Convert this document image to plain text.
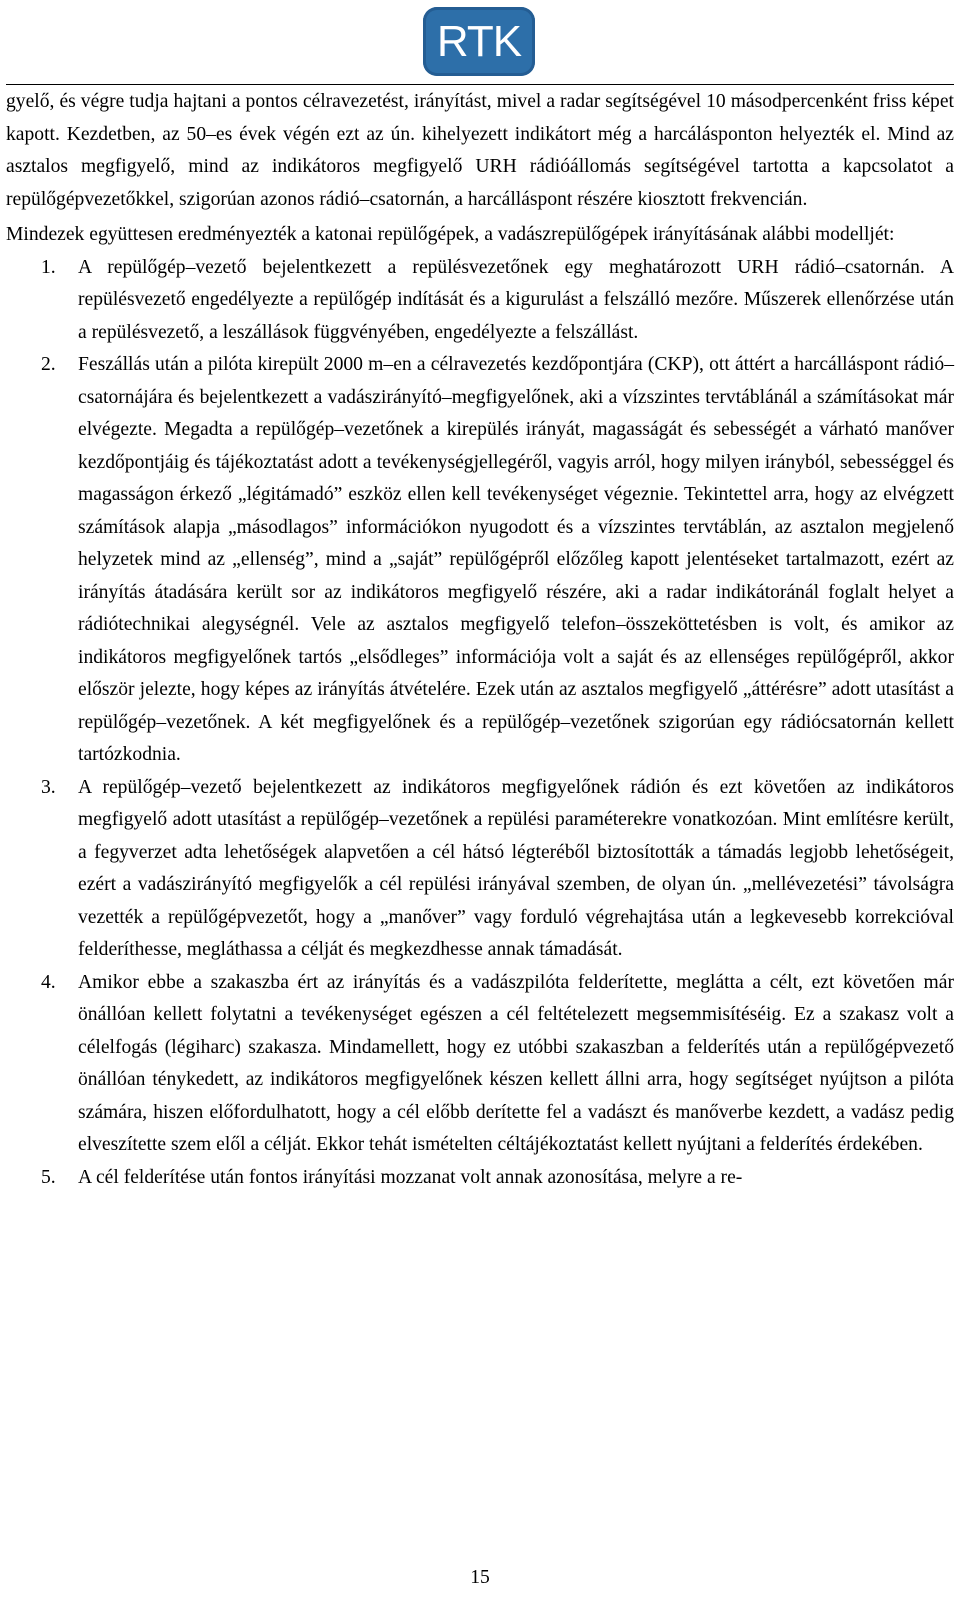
RTK

gyelő, és végre tudja hajtani a pontos célravezetést, irányítást, mivel a radar segítségével 10 másodpercenként friss képet kapott. Kezdetben, az 50–es évek végén ezt az ún. kihelyezett indikátort még a harcálásponton helyezték el. Mind az asztalos megfigyelő, mind az indikátoros megfigyelő URH rádióállomás segítségével tartotta a kapcsolatot a repülőgépvezetőkkel, szigorúan azonos rádió–csatornán, a harcálláspont részére kiosztott frekvencián.

Mindezek együttesen eredményezték a katonai repülőgépek, a vadászrepülőgépek irányításának alábbi modelljét:

1. A repülőgép–vezető bejelentkezett a repülésvezetőnek egy meghatározott URH rádió–csatornán. A repülésvezető engedélyezte a repülőgép indítását és a kigurulást a felszálló mezőre. Műszerek ellenőrzése után a repülésvezető, a leszállások függvényében, engedélyezte a felszállást.
2. Feszállás után a pilóta kirepült 2000 m–en a célravezetés kezdőpontjára (CKP), ott áttért a harcálláspont rádió–csatornájára és bejelentkezett a vadászirányító–megfigyelőnek, aki a vízszintes tervtáblánál a számításokat már elvégezte. Megadta a repülőgép–vezetőnek a kirepülés irányát, magasságát és sebességét a várható manőver kezdőpontjáig és tájékoztatást adott a tevékenységjellegéről, vagyis arról, hogy milyen irányból, sebességgel és magasságon érkező „légitámadó” eszköz ellen kell tevékenységet végeznie. Tekintettel arra, hogy az elvégzett számítások alapja „másodlagos” információkon nyugodott és a vízszintes tervtáblán, az asztalon megjelenő helyzetek mind az „ellenség”, mind a „saját” repülőgépről előzőleg kapott jelentéseket tartalmazott, ezért az irányítás átadására került sor az indikátoros megfigyelő részére, aki a radar indikátoránál foglalt helyet a rádiótechnikai alegységnél. Vele az asztalos megfigyelő telefon–összeköttetésben is volt, és amikor az indikátoros megfigyelőnek tartós „elsődleges” információja volt a saját és az ellenséges repülőgépről, akkor először jelezte, hogy képes az irányítás átvételére. Ezek után az asztalos megfigyelő „áttérésre” adott utasítást a repülőgép–vezetőnek. A két megfigyelőnek és a repülőgép–vezetőnek szigorúan egy rádiócsatornán kellett tartózkodnia.
3. A repülőgép–vezető bejelentkezett az indikátoros megfigyelőnek rádión és ezt követően az indikátoros megfigyelő adott utasítást a repülőgép–vezetőnek a repülési paraméterekre vonatkozóan. Mint említésre került, a fegyverzet adta lehetőségek alapvetően a cél hátsó légteréből biztosították a támadás legjobb lehetőségeit, ezért a vadászirányító megfigyelők a cél repülési irányával szemben, de olyan ún. „mellévezetési” távolságra vezették a repülőgépvezetőt, hogy a „manőver” vagy forduló végrehajtása után a legkevesebb korrekcióval felderíthesse, megláthassa a célját és megkezdhesse annak támadását.
4. Amikor ebbe a szakaszba ért az irányítás és a vadászpilóta felderítette, meglátta a célt, ezt követően már önállóan kellett folytatni a tevékenységet egészen a cél feltételezett megsemmisítéséig. Ez a szakasz volt a célelfogás (légiharc) szakasza. Mindamellett, hogy ez utóbbi szakaszban a felderítés után a repülőgépvezető önállóan ténykedett, az indikátoros megfigyelőnek készen kellett állni arra, hogy segítséget nyújtson a pilóta számára, hiszen előfordulhatott, hogy a cél előbb derítette fel a vadászt és manőverbe kezdett, a vadász pedig elveszítette szem elől a célját. Ekkor tehát ismételten céltájékoztatást kellett nyújtani a felderítés érdekében.
5. A cél felderítése után fontos irányítási mozzanat volt annak azonosítása, melyre a re-
15
